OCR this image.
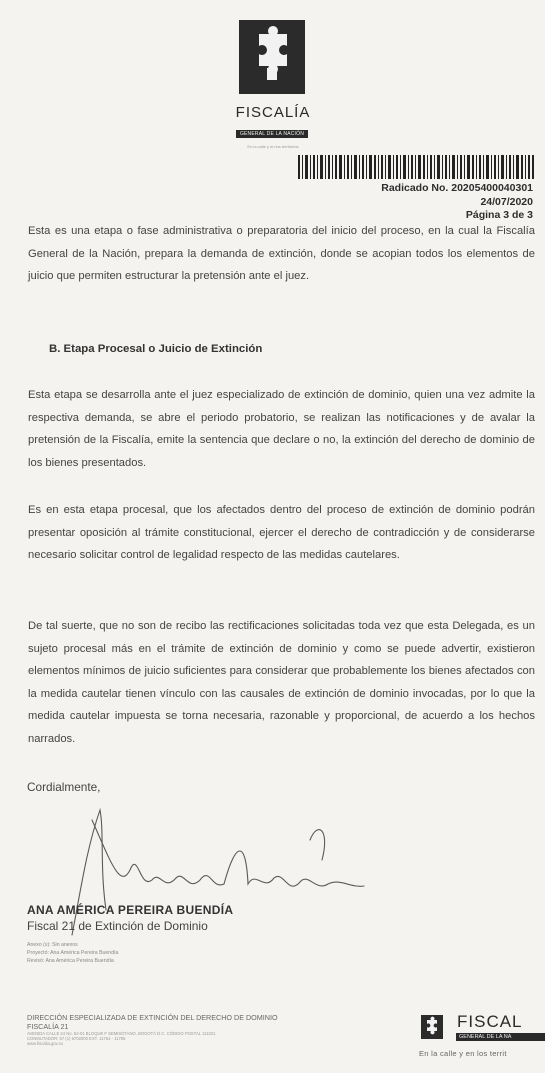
FISCALÍA
GENERAL DE LA NACIÓN
En la calle y en los territorios
Radicado No. 20205400040301
24/07/2020
Página 3 de 3
Esta es una etapa o fase administrativa o preparatoria del inicio del proceso, en la cual la Fiscalía General de la Nación, prepara la demanda de extinción, donde se acopian todos los elementos de juicio que permiten estructurar la pretensión ante el juez.
B. Etapa Procesal o Juicio de Extinción
Esta etapa se desarrolla ante el juez especializado de extinción de dominio, quien una vez admite la respectiva demanda, se abre el periodo probatorio, se realizan las notificaciones y de avalar la pretensión de la Fiscalía, emite la sentencia que declare o no, la extinción del derecho de dominio de los bienes presentados.
Es en esta etapa procesal, que los afectados dentro del proceso de extinción de dominio podrán presentar oposición al trámite constitucional, ejercer el derecho de contradicción y de considerarse necesario solicitar control de legalidad respecto de las medidas cautelares.
De tal suerte, que no son de recibo las rectificaciones solicitadas toda vez que esta Delegada, es un sujeto procesal más en el trámite de extinción de dominio y como se puede advertir, existieron elementos mínimos de juicio suficientes para considerar que probablemente los bienes afectados con la medida cautelar tienen vínculo con las causales de extinción de dominio invocadas, por lo que la medida cautelar impuesta se torna necesaria, razonable y proporcional, de acuerdo a los hechos narrados.
Cordialmente,
ANA AMÉRICA PEREIRA BUENDÍA
Fiscal 21 de Extinción de Dominio
Anexo (s): Sin anexos
Proyectó: Ana América Pereira Buendía
Revisó: Ana América Pereira Buendía
DIRECCIÓN ESPECIALIZADA DE EXTINCIÓN DEL DERECHO DE DOMINIO
FISCALÍA 21
AVENIDA CALLE 24 No. 52-01 BLOQUE F SEMISÓTANO, BOGOTÁ D.C. CÓDIGO POSTAL 111321
CONMUTADOR: 57 (1) 5702000 EXT. 11754 - 11785
www.fiscalia.gov.co
FISCAL
GENERAL DE LA NA
En la calle y en los territ
